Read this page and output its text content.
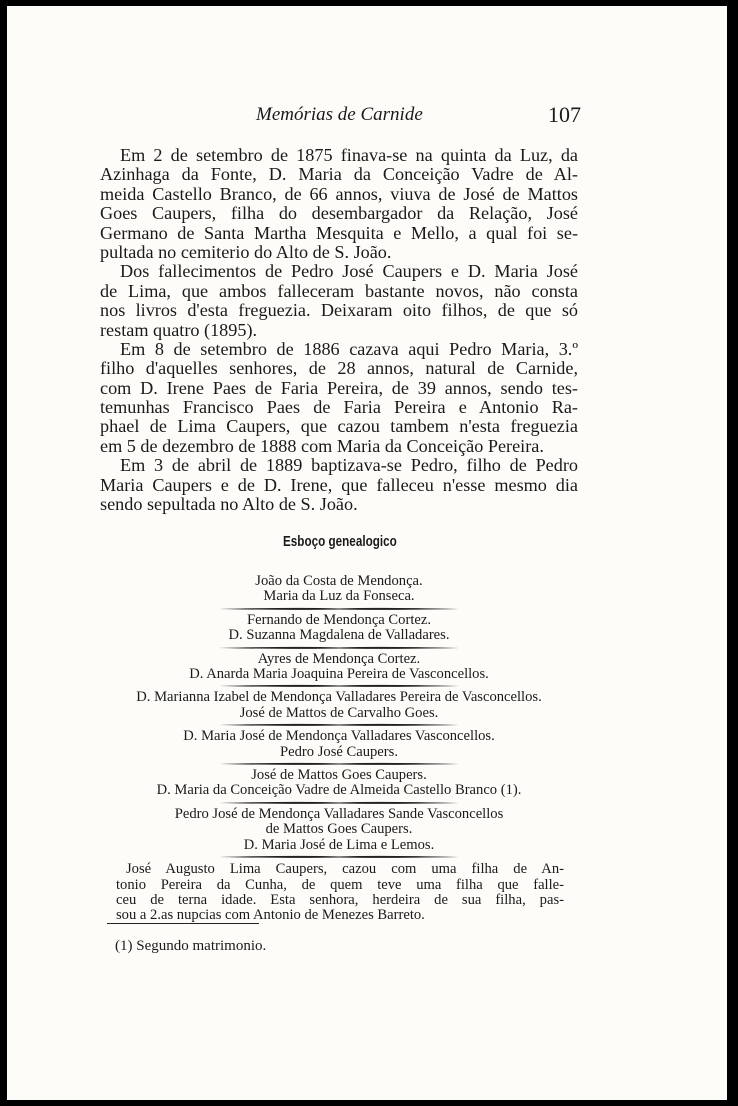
Memórias de Carnide	107
Em 2 de setembro de 1875 finava-se na quinta da Luz, da
Azinhaga da Fonte, D. Maria da Conceição Vadre de Al-
meida Castello Branco, de 66 annos, viuva de José de Mattos
Goes Caupers, filha do desembargador da Relação, José
Germano de Santa Martha Mesquita e Mello, a qual foi se-
pultada no cemiterio do Alto de S. João.
Dos fallecimentos de Pedro José Caupers e D. Maria José
de Lima, que ambos falleceram bastante novos, não consta
nos livros d'esta freguezia. Deixaram oito filhos, de que só
restam quatro (1895).
Em 8 de setembro de 1886 cazava aqui Pedro Maria, 3.º
filho d'aquelles senhores, de 28 annos, natural de Carnide,
com D. Irene Paes de Faria Pereira, de 39 annos, sendo tes-
temunhas Francisco Paes de Faria Pereira e Antonio Ra-
phael de Lima Caupers, que cazou tambem n'esta freguezia
em 5 de dezembro de 1888 com Maria da Conceição Pereira.
Em 3 de abril de 1889 baptizava-se Pedro, filho de Pedro
Maria Caupers e de D. Irene, que falleceu n'esse mesmo dia
sendo sepultada no Alto de S. João.
Esboço genealogico
João da Costa de Mendonça.
Maria da Luz da Fonseca.
Fernando de Mendonça Cortez.
D. Suzanna Magdalena de Valladares.
Ayres de Mendonça Cortez.
D. Anarda Maria Joaquina Pereira de Vasconcellos.
D. Marianna Izabel de Mendonça Valladares Pereira de Vasconcellos.
José de Mattos de Carvalho Goes.
D. Maria José de Mendonça Valladares Vasconcellos.
Pedro José Caupers.
José de Mattos Goes Caupers.
D. Maria da Conceição Vadre de Almeida Castello Branco (1).
Pedro José de Mendonça Valladares Sande Vasconcellos
de Mattos Goes Caupers.
D. Maria José de Lima e Lemos.
José Augusto Lima Caupers, cazou com uma filha de An-
tonio Pereira da Cunha, de quem teve uma filha que falle-
ceu de terna idade. Esta senhora, herdeira de sua filha, pas-
sou a 2.as nupcias com Antonio de Menezes Barreto.
(1) Segundo matrimonio.
